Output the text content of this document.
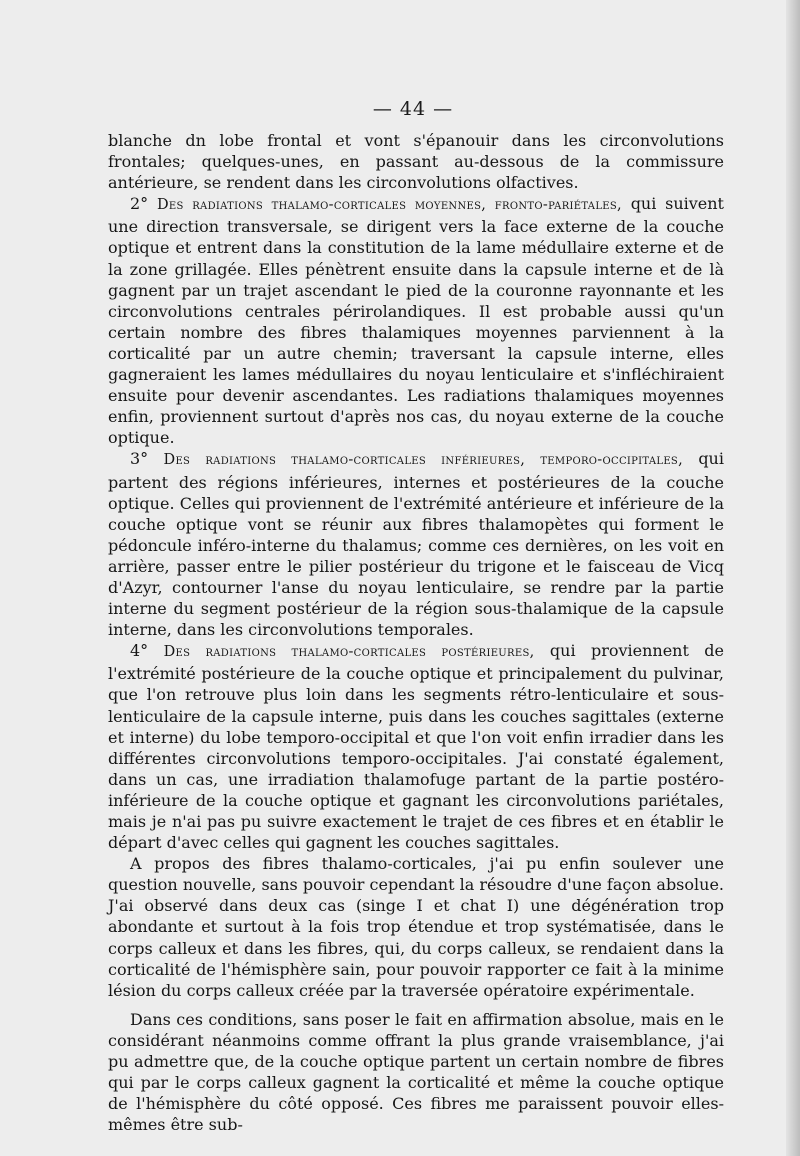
— 44 —

blanche dn lobe frontal et vont s'épanouir dans les circonvolutions frontales; quelques-unes, en passant au-dessous de la commissure antérieure, se rendent dans les circonvolutions olfactives.

2° Des radiations thalamo-corticales moyennes, fronto-pariétales, qui suivent une direction transversale, se dirigent vers la face externe de la couche optique et entrent dans la constitution de la lame médullaire externe et de la zone grillagée. Elles pénètrent ensuite dans la capsule interne et de là gagnent par un trajet ascendant le pied de la couronne rayonnante et les circonvolutions centrales périrolandiques. Il est probable aussi qu'un certain nombre des fibres thalamiques moyennes parviennent à la corticalité par un autre chemin; traversant la capsule interne, elles gagneraient les lames médullaires du noyau lenticulaire et s'infléchiraient ensuite pour devenir ascendantes. Les radiations thalamiques moyennes enfin, proviennent surtout d'après nos cas, du noyau externe de la couche optique.

3° Des radiations thalamo-corticales inférieures, temporo-occipitales, qui partent des régions inférieures, internes et postérieures de la couche optique. Celles qui proviennent de l'extrémité antérieure et inférieure de la couche optique vont se réunir aux fibres thalamopètes qui forment le pédoncule inféro-interne du thalamus; comme ces dernières, on les voit en arrière, passer entre le pilier postérieur du trigone et le faisceau de Vicq d'Azyr, contourner l'anse du noyau lenticulaire, se rendre par la partie interne du segment postérieur de la région sous-thalamique de la capsule interne, dans les circonvolutions temporales.

4° Des radiations thalamo-corticales postérieures, qui proviennent de l'extrémité postérieure de la couche optique et principalement du pulvinar, que l'on retrouve plus loin dans les segments rétro-lenticulaire et sous-lenticulaire de la capsule interne, puis dans les couches sagittales (externe et interne) du lobe temporo-occipital et que l'on voit enfin irradier dans les différentes circonvolutions temporo-occipitales. J'ai constaté également, dans un cas, une irradiation thalamofuge partant de la partie postéro-inférieure de la couche optique et gagnant les circonvolutions pariétales, mais je n'ai pas pu suivre exactement le trajet de ces fibres et en établir le départ d'avec celles qui gagnent les couches sagittales.

A propos des fibres thalamo-corticales, j'ai pu enfin soulever une question nouvelle, sans pouvoir cependant la résoudre d'une façon absolue. J'ai observé dans deux cas (singe I et chat I) une dégénération trop abondante et surtout à la fois trop étendue et trop systématisée, dans le corps calleux et dans les fibres, qui, du corps calleux, se rendaient dans la corticalité de l'hémisphère sain, pour pouvoir rapporter ce fait à la minime lésion du corps calleux créée par la traversée opératoire expérimentale.

Dans ces conditions, sans poser le fait en affirmation absolue, mais en le considérant néanmoins comme offrant la plus grande vraisemblance, j'ai pu admettre que, de la couche optique partent un certain nombre de fibres qui par le corps calleux gagnent la corticalité et même la couche optique de l'hémisphère du côté opposé. Ces fibres me paraissent pouvoir elles-mêmes être sub-
